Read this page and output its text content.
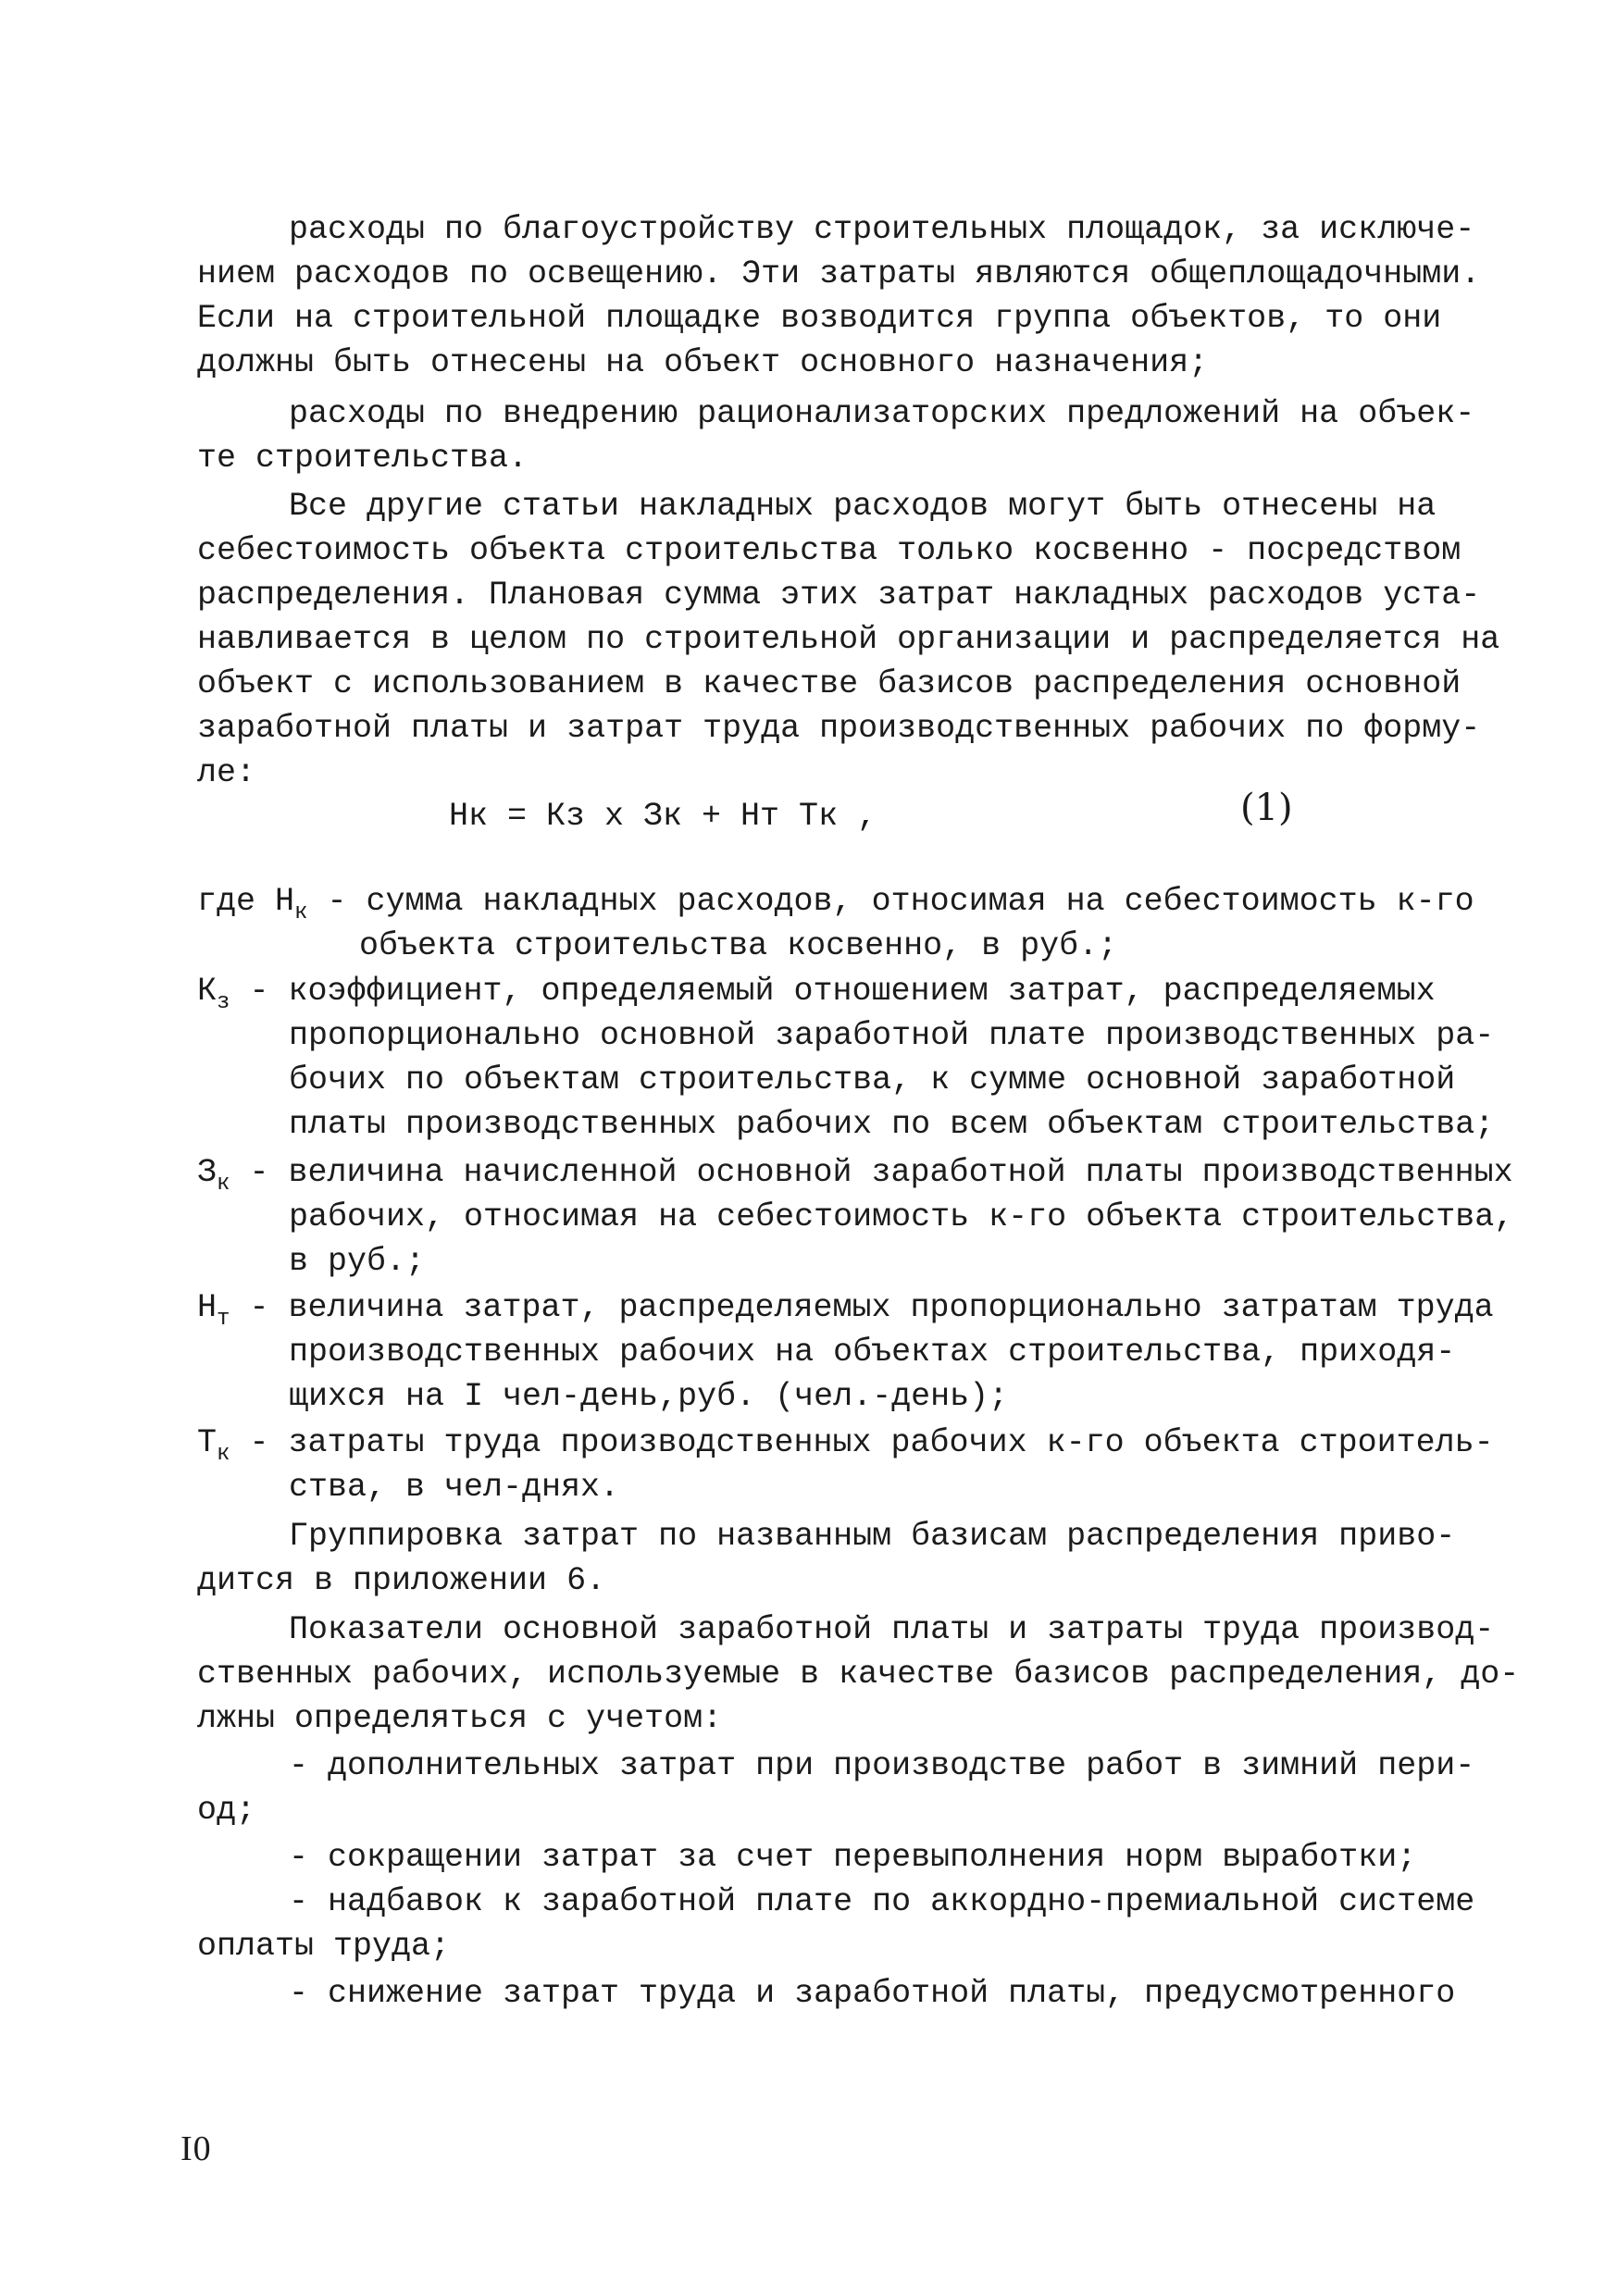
расходы по благоустройству строительных площадок, за исключе-
нием расходов по освещению. Эти затраты являются общеплощадочными.
Если на строительной площадке возводится группа объектов, то они
должны быть отнесены на объект основного назначения;
расходы по внедрению рационализаторских предложений на объек-
те строительства.
Все другие статьи накладных расходов могут быть отнесены на
себестоимость объекта строительства только косвенно - посредством
распределения. Плановая сумма этих затрат накладных расходов уста-
навливается в целом по строительной организации и распределяется на
объект с использованием в качестве базисов распределения основной
заработной платы и затрат труда производственных рабочих по форму-
ле:
Нк = Кз х Зк + Нт Тк ,	(1)
где $Н_к$ - сумма накладных расходов, относимая на себестоимость к-го
объекта строительства косвенно, в руб.;
$К_з$ - коэффициент, определяемый отношением затрат, распределяемых
пропорционально основной заработной плате производственных ра-
бочих по объектам строительства, к сумме основной заработной
платы производственных рабочих по всем объектам строительства;
$З_к$ - величина начисленной основной заработной платы производственных
рабочих, относимая на себестоимость к-го объекта строительства,
в руб.;
$Н_т$ - величина затрат, распределяемых пропорционально затратам труда
производственных рабочих на объектах строительства, приходя-
щихся на I чел-день,руб. (чел.-день);
$Т_к$ - затраты труда производственных рабочих к-го объекта строитель-
ства, в чел-днях.
Группировка затрат по названным базисам распределения приво-
дится в приложении 6.
Показатели основной заработной платы и затраты труда производ-
ственных рабочих, используемые в качестве базисов распределения, до-
лжны определяться с учетом:
- дополнительных затрат при производстве работ в зимний пери-
од;
- сокращении затрат за счет перевыполнения норм выработки;
- надбавок к заработной плате по аккордно-премиальной системе
оплаты труда;
- снижение затрат труда и заработной платы, предусмотренного
I0
